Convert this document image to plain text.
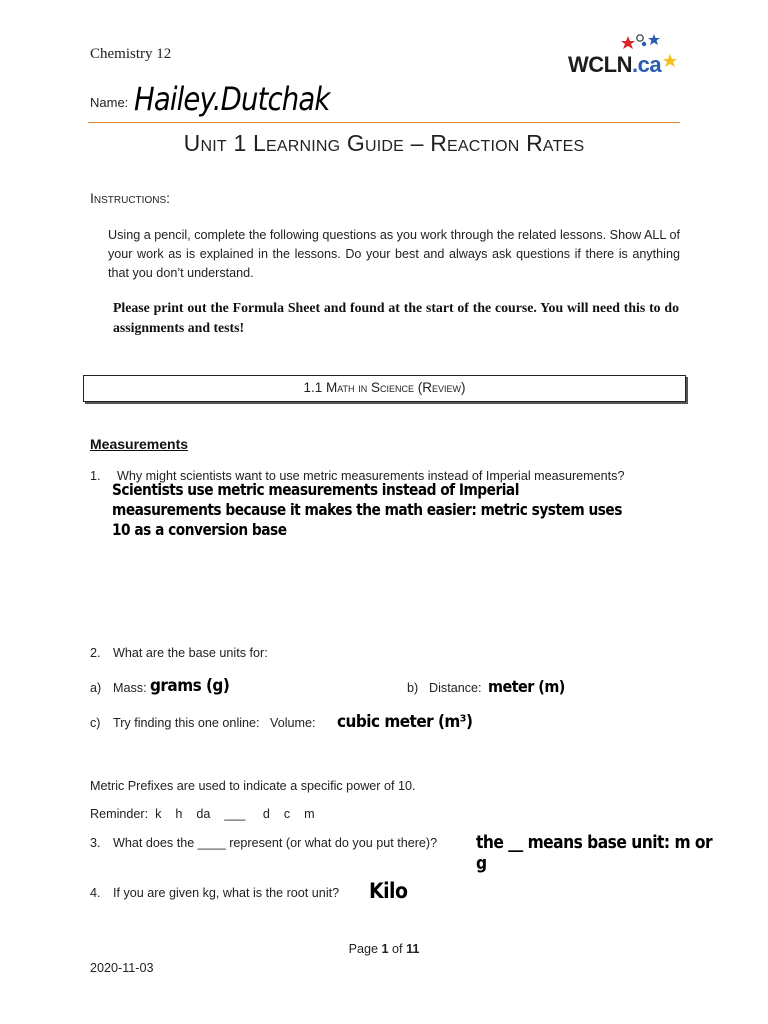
Chemistry 12	WCLN.ca
Name: Hailey.Dutchak
Unit 1 Learning Guide – Reaction Rates
Instructions:
Using a pencil, complete the following questions as you work through the related lessons. Show ALL of your work as is explained in the lessons. Do your best and always ask questions if there is anything that you don’t understand.
Please print out the Formula Sheet and found at the start of the course. You will need this to do assignments and tests!
1.1 Math in Science (Review)
Measurements
1. Why might scientists want to use metric measurements instead of Imperial measurements?
Scientists use metric measurements instead of Imperial measurements because it makes the math easier: metric system uses 10 as a conversion base
2. What are the base units for:
a) Mass: grams (g)	b) Distance: meter (m)
c) Try finding this one online:   Volume: cubic meter (m³)
Metric Prefixes are used to indicate a specific power of 10.
Reminder:  k    h    da    ___     d    c    m
3. What does the ____ represent (or what do you put there)? the __ means base unit: m or g
4. If you are given kg, what is the root unit? Kilo
Page 1 of 11
2020-11-03
